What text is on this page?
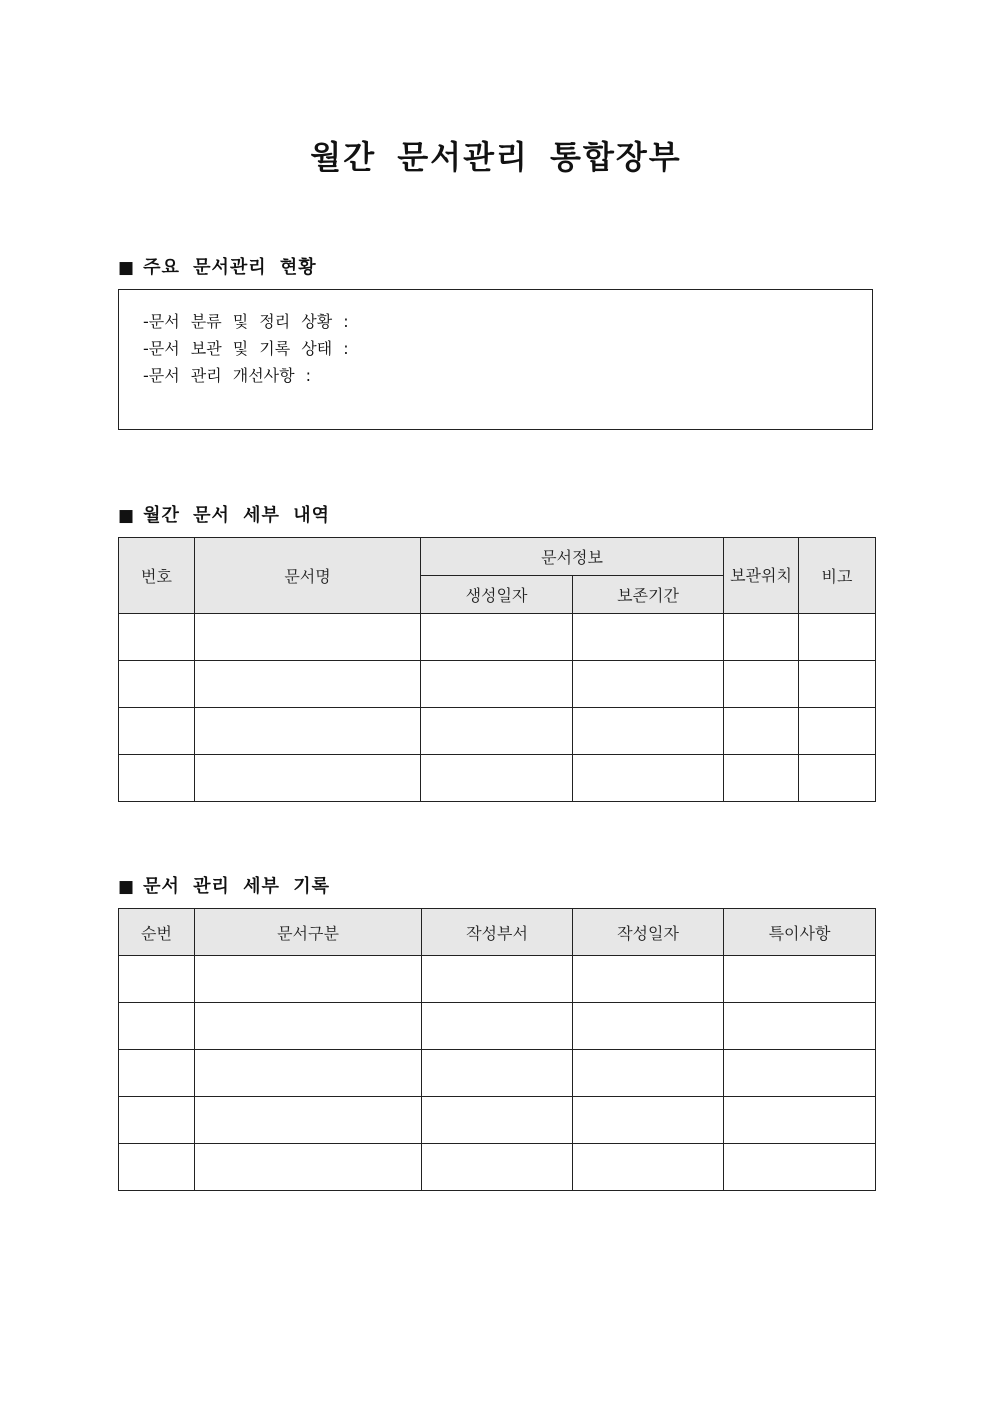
월간 문서관리 통합장부
■ 주요 문서관리 현황
-문서 분류 및 정리 상황 :
-문서 보관 및 기록 상태 :
-문서 관리 개선사항 :
■ 월간 문서 세부 내역
번호	문서명	문서정보		보관위치	비고
		생성일자	보존기간		

■ 문서 관리 세부 기록
순번	문서구분	작성부서	작성일자	특이사항
